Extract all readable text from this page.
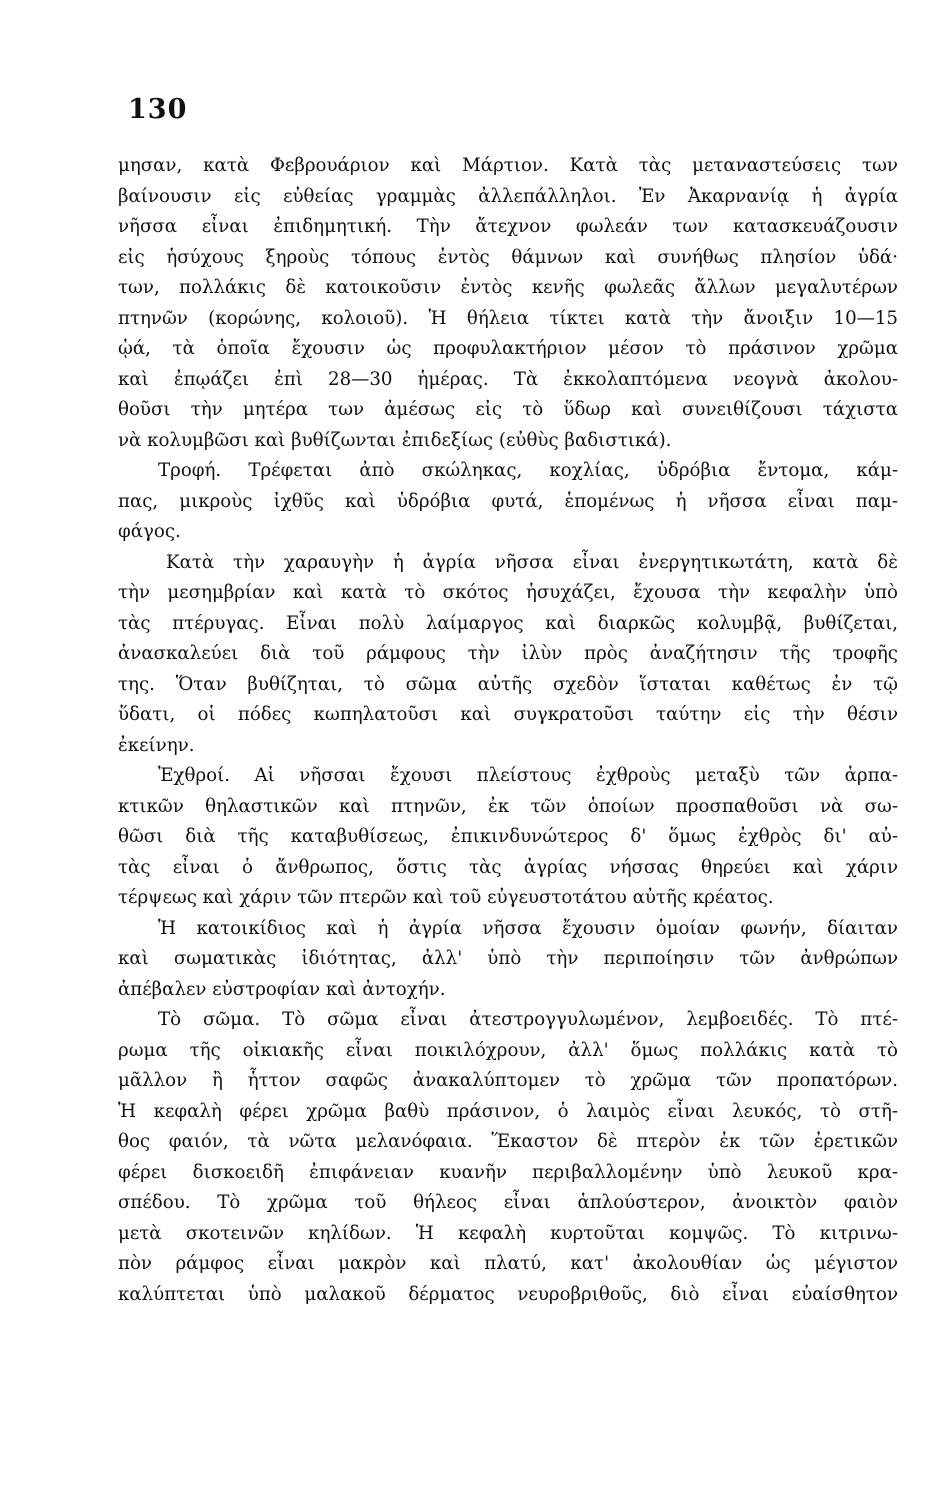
130
μησαν, κατὰ Φεβρουάριον καὶ Μάρτιον. Κατὰ τὰς μεταναστεύσεις των
βαίνουσιν εἰς εὐθείας γραμμὰς ἀλλεπάλληλοι. Ἐν Ἀκαρνανίᾳ ἡ ἀγρία
νῆσσα εἶναι ἐπιδημητική. Τὴν ἄτεχνον φωλεάν των κατασκευάζουσιν
εἰς ἡσύχους ξηροὺς τόπους ἐντὸς θάμνων καὶ συνήθως πλησίον ὑδά·
των, πολλάκις δὲ κατοικοῦσιν ἐντὸς κενῆς φωλεᾶς ἄλλων μεγαλυτέρων
πτηνῶν (κορώνης, κολοιοῦ). Ἡ θήλεια τίκτει κατὰ τὴν ἄνοιξιν 10—15
ᾠά, τὰ ὁποῖα ἔχουσιν ὡς προφυλακτήριον μέσον τὸ πράσινον χρῶμα
καὶ ἐπῳάζει ἐπὶ 28—30 ἡμέρας. Τὰ ἐκκολαπτόμενα νεογνὰ ἀκολου-
θοῦσι τὴν μητέρα των ἀμέσως εἰς τὸ ὕδωρ καὶ συνειθίζουσι τάχιστα
νὰ κολυμβῶσι καὶ βυθίζωνται ἐπιδεξίως (εὐθὺς βαδιστικά).
Τροφή. Τρέφεται ἀπὸ σκώληκας, κοχλίας, ὑδρόβια ἔντομα, κάμ-
πας, μικροὺς ἰχθῦς καὶ ὑδρόβια φυτά, ἑπομένως ἡ νῆσσα εἶναι παμ-
φάγος.
Κατὰ τὴν χαραυγὴν ἡ ἀγρία νῆσσα εἶναι ἐνεργητικωτάτη, κατὰ δὲ
τὴν μεσημβρίαν καὶ κατὰ τὸ σκότος ἡσυχάζει, ἔχουσα τὴν κεφαλὴν ὑπὸ
τὰς πτέρυγας. Εἶναι πολὺ λαίμαργος καὶ διαρκῶς κολυμβᾷ, βυθίζεται,
ἀνασκαλεύει διὰ τοῦ ράμφους τὴν ἰλὺν πρὸς ἀναζήτησιν τῆς τροφῆς
της. Ὅταν βυθίζηται, τὸ σῶμα αὐτῆς σχεδὸν ἵσταται καθέτως ἐν τῷ
ὕδατι, οἱ πόδες κωπηλατοῦσι καὶ συγκρατοῦσι ταύτην εἰς τὴν θέσιν
ἐκείνην.
Ἐχθροί. Αἱ νῆσσαι ἔχουσι πλείστους ἐχθροὺς μεταξὺ τῶν ἁρπα-
κτικῶν θηλαστικῶν καὶ πτηνῶν, ἐκ τῶν ὁποίων προσπαθοῦσι νὰ σω-
θῶσι διὰ τῆς καταβυθίσεως, ἐπικινδυνώτερος δ' ὅμως ἐχθρὸς δι' αὐ-
τὰς εἶναι ὁ ἄνθρωπος, ὅστις τὰς ἀγρίας νήσσας θηρεύει καὶ χάριν
τέρψεως καὶ χάριν τῶν πτερῶν καὶ τοῦ εὐγευστοτάτου αὐτῆς κρέατος.
Ἡ κατοικίδιος καὶ ἡ ἀγρία νῆσσα ἔχουσιν ὁμοίαν φωνήν, δίαιταν
καὶ σωματικὰς ἰδιότητας, ἀλλ' ὑπὸ τὴν περιποίησιν τῶν ἀνθρώπων
ἀπέβαλεν εὐστροφίαν καὶ ἀντοχήν.
Τὸ σῶμα. Τὸ σῶμα εἶναι ἀτεστρογγυλωμένον, λεμβοειδές. Τὸ πτέ-
ρωμα τῆς οἰκιακῆς εἶναι ποικιλόχρουν, ἀλλ' ὅμως πολλάκις κατὰ τὸ
μᾶλλον ἢ ἧττον σαφῶς ἀνακαλύπτομεν τὸ χρῶμα τῶν προπατόρων.
Ἡ κεφαλὴ φέρει χρῶμα βαθὺ πράσινον, ὁ λαιμὸς εἶναι λευκός, τὸ στῆ-
θος φαιόν, τὰ νῶτα μελανόφαια. Ἕκαστον δὲ πτερὸν ἐκ τῶν ἐρετικῶν
φέρει δισκοειδῆ ἐπιφάνειαν κυανῆν περιβαλλομένην ὑπὸ λευκοῦ κρα-
σπέδου. Τὸ χρῶμα τοῦ θήλεος εἶναι ἁπλούστερον, ἀνοικτὸν φαιὸν
μετὰ σκοτεινῶν κηλίδων. Ἡ κεφαλὴ κυρτοῦται κομψῶς. Τὸ κιτρινω-
πὸν ράμφος εἶναι μακρὸν καὶ πλατύ, κατ' ἀκολουθίαν ὡς μέγιστον
καλύπτεται ὑπὸ μαλακοῦ δέρματος νευροβριθοῦς, διὸ εἶναι εὐαίσθητον
